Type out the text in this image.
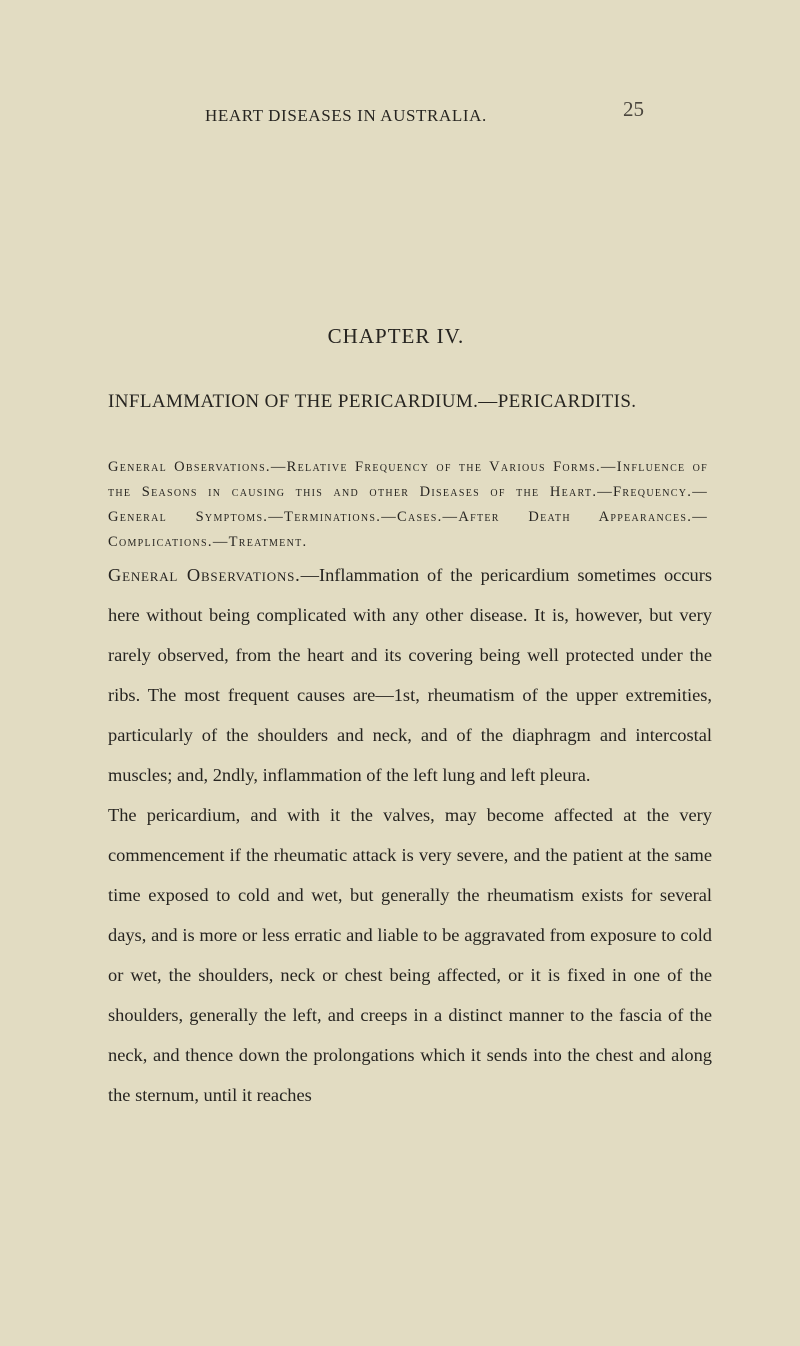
HEART DISEASES IN AUSTRALIA.	25
CHAPTER IV.
INFLAMMATION OF THE PERICARDIUM.—PERICARDITIS.
General Observations.—Relative Frequency of the Various Forms.—Influence of the Seasons in causing this and other Diseases of the Heart.—Frequency.—General Symptoms.—Terminations.—Cases.—After Death Appearances.—Complications.—Treatment.

General Observations.—Inflammation of the pericardium sometimes occurs here without being complicated with any other disease. It is, however, but very rarely observed, from the heart and its covering being well protected under the ribs. The most frequent causes are—1st, rheumatism of the upper extremities, particularly of the shoulders and neck, and of the diaphragm and intercostal muscles; and, 2ndly, inflammation of the left lung and left pleura.

The pericardium, and with it the valves, may become affected at the very commencement if the rheumatic attack is very severe, and the patient at the same time exposed to cold and wet, but generally the rheumatism exists for several days, and is more or less erratic and liable to be aggravated from exposure to cold or wet, the shoulders, neck or chest being affected, or it is fixed in one of the shoulders, generally the left, and creeps in a distinct manner to the fascia of the neck, and thence down the prolongations which it sends into the chest and along the sternum, until it reaches
